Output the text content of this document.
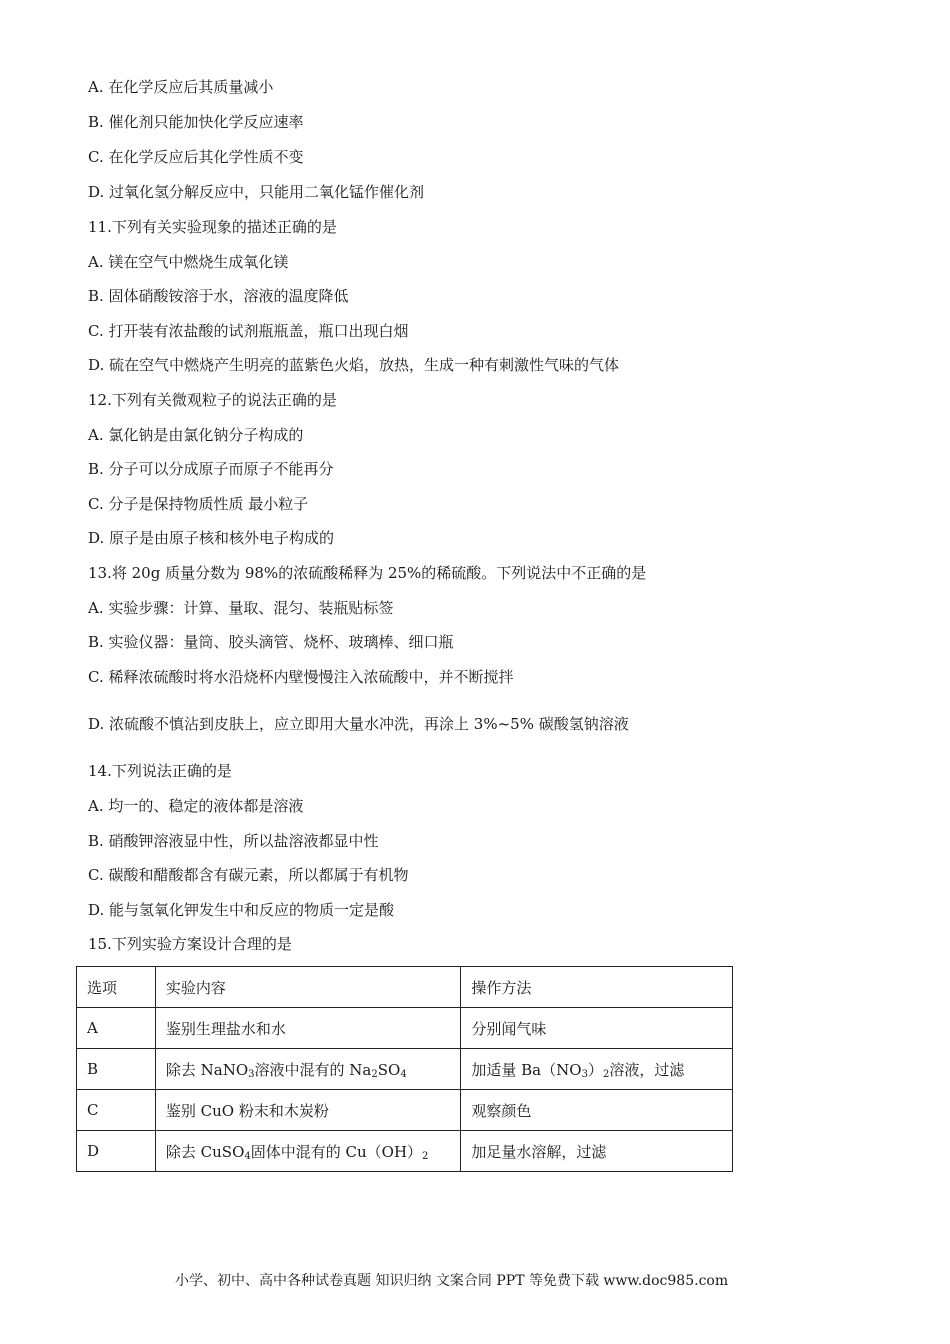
A. 在化学反应后其质量减小
B. 催化剂只能加快化学反应速率
C. 在化学反应后其化学性质不变
D. 过氧化氢分解反应中，只能用二氧化锰作催化剂
11.下列有关实验现象的描述正确的是
A. 镁在空气中燃烧生成氧化镁
B. 固体硝酸铵溶于水，溶液的温度降低
C. 打开装有浓盐酸的试剂瓶瓶盖，瓶口出现白烟
D. 硫在空气中燃烧产生明亮的蓝紫色火焰，放热，生成一种有刺激性气味的气体
12.下列有关微观粒子的说法正确的是
A. 氯化钠是由氯化钠分子构成的
B. 分子可以分成原子而原子不能再分
C. 分子是保持物质性质 最小粒子
D. 原子是由原子核和核外电子构成的
13.将 20g 质量分数为 98%的浓硫酸稀释为 25%的稀硫酸。下列说法中不正确的是
A. 实验步骤：计算、量取、混匀、装瓶贴标签
B. 实验仪器：量筒、胶头滴管、烧杯、玻璃棒、细口瓶
C. 稀释浓硫酸时将水沿烧杯内壁慢慢注入浓硫酸中，并不断搅拌
D. 浓硫酸不慎沾到皮肤上，应立即用大量水冲洗，再涂上 3%~5% 碳酸氢钠溶液
14.下列说法正确的是
A. 均一的、稳定的液体都是溶液
B. 硝酸钾溶液显中性，所以盐溶液都显中性
C. 碳酸和醋酸都含有碳元素，所以都属于有机物
D. 能与氢氧化钾发生中和反应的物质一定是酸
15.下列实验方案设计合理的是
选项	实验内容	操作方法
A	鉴别生理盐水和水	分别闻气味
B	除去 NaNO$_3$溶液中混有的 $Na_2SO_4$	加适量 $Ba(NO_3)_2$溶液，过滤
C	鉴别 CuO 粉末和木炭粉	观察颜色
D	除去 CuSO$_4$固体中混有的 $Cu(OH)_2$	加足量水溶解，过滤
小学、初中、高中各种试卷真题 知识归纳 文案合同 PPT 等免费下载 www.doc985.com
